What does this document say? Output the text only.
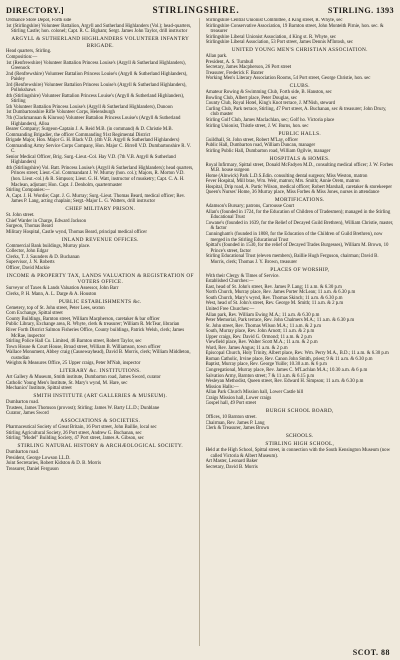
DIRECTORY.]	STIRLINGSHIRE.	STIRLING. 1393
Ordnance Store Depot, Forth side
1st (Stirlingshire) Volunteer Battalion, Argyll and Sutherland Highlanders (Vol.); head-quarters, Stirling Castle; hon. colonel; Capt. R. C. Bigham; Sergt. James John Taylor, drill instructor
ARGYLL & SUTHERLAND HIGHLANDERS VOLUNTEER INFANTRY BRIGADE.
Head quarters, Stirling.
Composition:—
1st (Renfrewshire) Volunteer Battalion Princess Louise's (Argyll & Sutherland Highlanders), Greenock
2nd (Renfrewshire) Volunteer Battalion Princess Louise's (Argyll & Sutherland Highlanders), Paisley
3rd (Renfrewshire) Volunteer Battalion Princess Louise's (Argyll & Sutherland Highlanders), Pollokshaws
4th (Stirlingshire) Volunteer Battalion Princess Louise's (Argyll & Sutherland Highlanders), Stirling
5th Volunteer Battalion Princess Louise's (Argyll & Sutherland Highlanders), Dunoon
1st Dumbartonshire Rifle Volunteer Corps, Helensburgh
7th (Clackmannan & Kinross) Volunteer Battalion Princess Louise's (Argyll & Sutherland Highlanders), Alloa
Bearer Company; Surgeon-Captain J. A. Reid M.B. (in command) & D. Christie M.B.
Commanding Brigadier, the officer Commanding 91st Regimental District
Brigade Major, Hon. Major G. H. Black V.D. (4th V.B. Argyll & Sutherland Highlanders)
Commanding Army Service Corps Company, Hon. Major C. Birrell V.D. Dumbartonshire R. V. C.
Senior Medical Officer, Brig. Surg.-Lieut.-Col. Hay V.D. (7th V.B. Argyll & Sutherland Highlanders)
4th (Stirlingshire) Vol. Batt. Princess Louise's (Argyll & Sutherland Highlanders); head quarters, Princes street; Lieut.-Col. Commandant J. W. Murray (hon. col.); Majors, R. Morton V.D. (hon. Lieut.-col.) & R. Simpson; Lieut. G. H. Watt, instructor of musketry; Capt. C. A. H. Maclean, adjutant; Hon. Capt. J. Denholm, quartermaster
Stirling Companies:—
A, Capt. J. H. Wordie; Capt. J. G. Murray; Surg.-Lieut. Thomas Beard, medical officer; Rev. James P. Lang, acting chaplain; Sergt.-Major L. G. Watters, drill instructor
CHIEF MILITARY PRISON.
St. John street.
Chief Warder in Charge, Edward Jackson
Surgeon, Thomas Beard
Military Hospital, Castle wynd, Thomas Beard, principal medical officer
INLAND REVENUE OFFICES.
Commercial Bank buildings, Murray place.
Collector, John Edgar
Clerks, T. J. Saunders & D. Buchanan
Supervisor, J. N. Roberts
Officer, David Mackie
INCOME & PROPERTY TAX, LANDS VALUATION & REGISTRATION OF VOTERS OFFICE.
Surveyor of Taxes & Lands Valuation Assessor, John Barr
Clerks, P. H. Mann, A. L. Darge & A. Houston
PUBLIC ESTABLISHMENTS &c.
Cemetery, top of St. John street, Peter Lees, sexton
Corn Exchange, Spittal street
County Buildings, Barnton street, William Macpherson, caretaker & bar officer
Public Library, Exchange area, R. Whyte, clerk & treasurer; William R. McTear, librarian
River Forth District Salmon Fisheries Office, County buildings, Patrick Welsh, clerk; James McRae, inspector
Stirling Police Hall Co. Limited, 46 Barnton street, Robert Taylor, sec
Town House & Court House, Broad street, William B. Williamson, town officer
Wallace Monument, Abbey craig (Causewayhead), David B. Morris, clerk; William Middleton, custodian
Weights & Measures Office, 25 Upper craigs, Peter M'Nab, inspector
LITERARY &c. INSTITUTIONS.
Art Gallery & Museum, Smith institute, Dumbarton road, James Sword, curator
Catholic Young Men's Institute, St. Mary's wynd, M. Hare, sec
Mechanics' Institute, Spittal street
SMITH INSTITUTE (ART GALLERIES & MUSEUM).
Dumbarton road.
Trustees, James Thomson (provost); Stirling; James W. Barty LL.D.; Dunblane
Curator, James Sword
ASSOCIATIONS & SOCIETIES.
Pharmaceutical Society of Great Britain, 16 Port street, John Baillie, local sec
Stirling Agricultural Society, 26 Port street, Andrew G. Buchanan, sec
Stirling "Model" Building Society, 47 Port street, James A. Gibson, sec
STIRLING NATURAL HISTORY & ARCHÆOLOGICAL SOCIETY.
Dumbarton road.
President, George Lowson LL.D.
Joint Secretaries, Robert Kidston & D. B. Morris
Treasurer, Daniel Ferguson
Stirlingshire Central Unionist Committee, 4 King street, R. Whyte, sec
Stirlingshire Conservative Association, 19 Barnton street, John Monteith Pirnie, hon. sec. & treasurer
Stirlingshire Liberal Unionist Association, 4 King st. R. Whyte, sec
Stirlingshire Liberal Association, 53 Port street, James Dennis M'Intosh, sec
UNITED YOUNG MEN'S CHRISTIAN ASSOCIATION.
Allan park.
President, A. S. Turnbull
Secretary, James Macpherson, 26 Port street
Treasurer, Frederick F. Baxter
Working Men's Literary Association Rooms, 54 Port street, George Christie, hon. sec
CLUBS.
Amateur Rowing & Swimming Club, Forth side, B. Hanston, sec
Bowling Club, Albert place, Peter Douglas, sec
County Club, Royal Hotel, King's Knot terrace, J. M'Nish, steward
Curling Club, Park terrace, Stirling, 47 Port street, A. Buchanan, sec & treasurer; John Drury, club master
Stirling Golf Club, James Maclachlan, sec; Golf ho. Victoria place
Stirling Unionist, Thistle street, J. W. Burns, hon. sec
PUBLIC HALLS.
Guildhall, St. John street, Robert M'Lay, officer
Public Hall, Dumbarton road, William Duncan, manager
Stirling Public Hall, Dumbarton road, William Ogilvie, manager
HOSPITALS & HOMES.
Royal Infirmary, Spittal street, Donald McFadyen M.D., consulting medical officer; J. W. Forbes M.B. house surgeon
Home (Alnwick) Park L.D.S.Edin. consulting dental surgeon; Miss Weston, matron
Fever Hospital, Mill brae, Wm. Weir, matron; Mrs. Smith; Annie Orem, matron
Hospital, Drip road, A. Partic Wilson, medical officer; Robert Marshall, caretaker & storekeeper
Queen's Nurses' Home, 36 Murray place, Miss Forbes & Miss Jones, nurses in attendance
MORTIFICATIONS.
Adamson's Bursary; patrons, Carrousse Court
Allan's (founded in 1724, for the Education of Children of Tradesmen); managed in the Stirling Educational Trust
Cowane's (founded in 1639, for the Relief of Decayed Guild Brethren), William Christie, master, & factor
Cunningham's (founded in 1808, for the Education of the Children of Guild Brethren), now merged in the Stirling Educational Trust
Spittal's (founded in 1530, for the relief of Decayed Trades Burgesses), William M. Brown, 10 Prince's street, factor
Stirling Educational Trust (eleven members), Baillie Hugh Ferguson, chairman; David B. Morris, clerk; Thomas J. Y. Brown, treasurer
PLACES OF WORSHIP,
With their Clergy & Times of Service.
Established Churches:—
East, head of St. John's street, Rev. James P. Lang; 11 a.m. & 6.30 p.m
North Church, Murray place, Rev. James Porter McLean; 11 a.m. & 6.30 p.m
South Church, Mary's wynd, Rev. Thomas Skinch; 11 a.m. & 6.30 p.m
West, head of St. John's street, Rev. George M. Smith; 11 a.m. & 2 p.m
United Free Churches:—
Allan park, Rev. William Ewing M.A.; 11 a.m. & 6.30 p.m
Peter Memorial, Park terrace, Rev. John Chalmers M.A.; 11 a.m. & 6.30 p.m
St. John street, Rev. Thomas Wilson M.A.; 11 a.m. & 2 p.m
South, Murray place, Rev. John Arnott; 11 a.m. & 2 p.m
Upper craigs, Rev. David G. Ormond; 11 a.m. & 2 p.m
Viewfield place, Rev. Walter Scott M.A.; 11 a.m. & 2 p.m
Ward, Rev. James Angus; 11 a.m. & 2 p.m
Episcopal Church, Holy Trinity, Albert place, Rev. Wm. Perry M.A., B.D.; 11 a.m. & 6.30 p.m
Roman Catholic, Irvine place, Rev. Canon John Smith, priest; 9 & 11 a.m. & 6.30 p.m
Baptist, Murray place, Rev. George Yuille; 10.30 a.m. & 6 p.m
Congregational, Murray place, Rev. James C. M'Lachlan M.A.; 10.30 a.m. & 6 p.m
Salvation Army, Barnton street; 7 & 11 a.m. & 6.15 p.m
Wesleyan Methodist, Queen street, Rev. Edward H. Simpson; 11 a.m. & 6.30 p.m
Mission Halls:—
Allan Park Church Mission hall, Lower Castle hill
Craigs Mission hall, Lower craigs
Gospel hall, 49 Port street
BURGH SCHOOL BOARD,
Offices, 10 Barnton street.
Chairman, Rev. James P. Lang
Clerk & Treasurer, James Brown
SCHOOLS.
STIRLING HIGH SCHOOL,
Held at the High School, Spittal street, in connection with the South Kensington Museum (now called Victoria & Albert Museum).
Art Master, Leonard Baker
Secretary, David B. Morris
SCOT. 88
